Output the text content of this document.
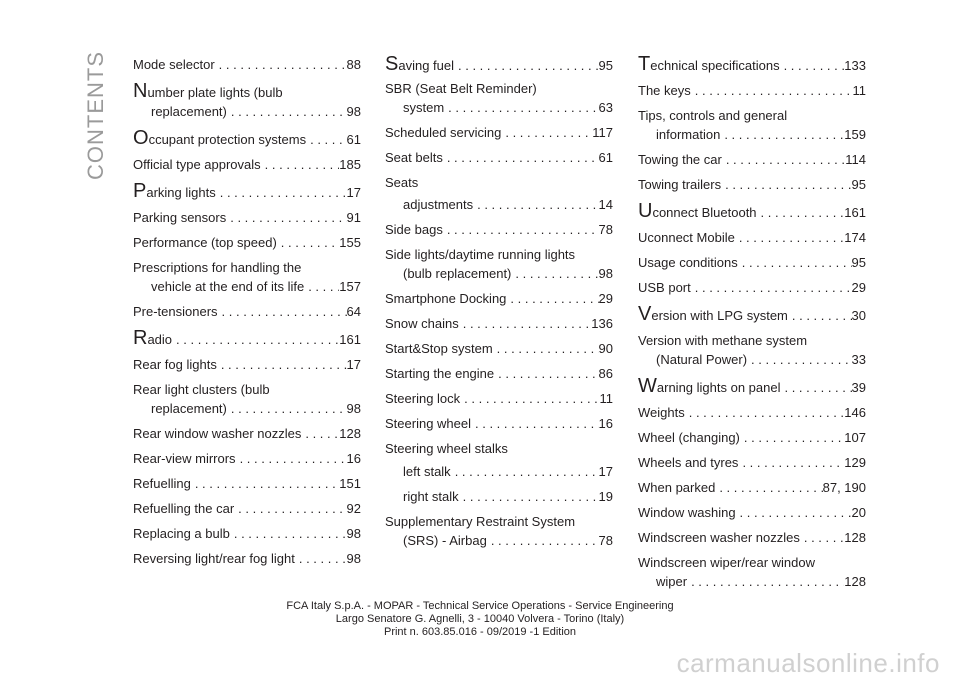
CONTENTS	Mode selector . . .	88
Number plate lights (bulb
replacement) . . .	98
Occupant protection systems . . .	61
Official type approvals . . .	185
Parking lights . . .	17
Parking sensors . . .	91
Performance (top speed) . . .	155
Prescriptions for handling the
vehicle at the end of its life . . .	157
Pre-tensioners . . .	64
Radio . . .	161
Rear fog lights . . .	17
Rear light clusters (bulb
replacement) . . .	98
Rear window washer nozzles . . .	128
Rear-view mirrors . . .	16
Refuelling . . .	151
Refuelling the car . . .	92
Replacing a bulb . . .	98
Reversing light/rear fog light . . .	98
Saving fuel . . .	95
SBR (Seat Belt Reminder)
system . . .	63
Scheduled servicing . . .	117
Seat belts . . .	61
Seats
adjustments . . .	14
Side bags . . .	78
Side lights/daytime running lights
(bulb replacement) . . .	98
Smartphone Docking . . .	29
Snow chains . . .	136
Start&Stop system . . .	90
Starting the engine . . .	86
Steering lock . . .	11
Steering wheel . . .	16
Steering wheel stalks
left stalk . . .	17
right stalk . . .	19
Supplementary Restraint System
(SRS) - Airbag . . .	78
Technical specifications . . .	133
The keys . . .	11
Tips, controls and general
information . . .	159
Towing the car . . .	114
Towing trailers . . .	95
Uconnect Bluetooth . . .	161
Uconnect Mobile . . .	174
Usage conditions . . .	95
USB port . . .	29
Version with LPG system . . .	30
Version with methane system
(Natural Power) . . .	33
Warning lights on panel . . .	39
Weights . . .	146
Wheel (changing) . . .	107
Wheels and tyres . . .	129
When parked . . .	87, 190
Window washing . . .	20
Windscreen washer nozzles . . .	128
Windscreen wiper/rear window
wiper . . .	128
FCA Italy S.p.A. - MOPAR - Technical Service Operations - Service Engineering
Largo Senatore G. Agnelli, 3 - 10040 Volvera - Torino (Italy)
Print n. 603.85.016 - 09/2019 -1 Edition
carmanualsonline.info
